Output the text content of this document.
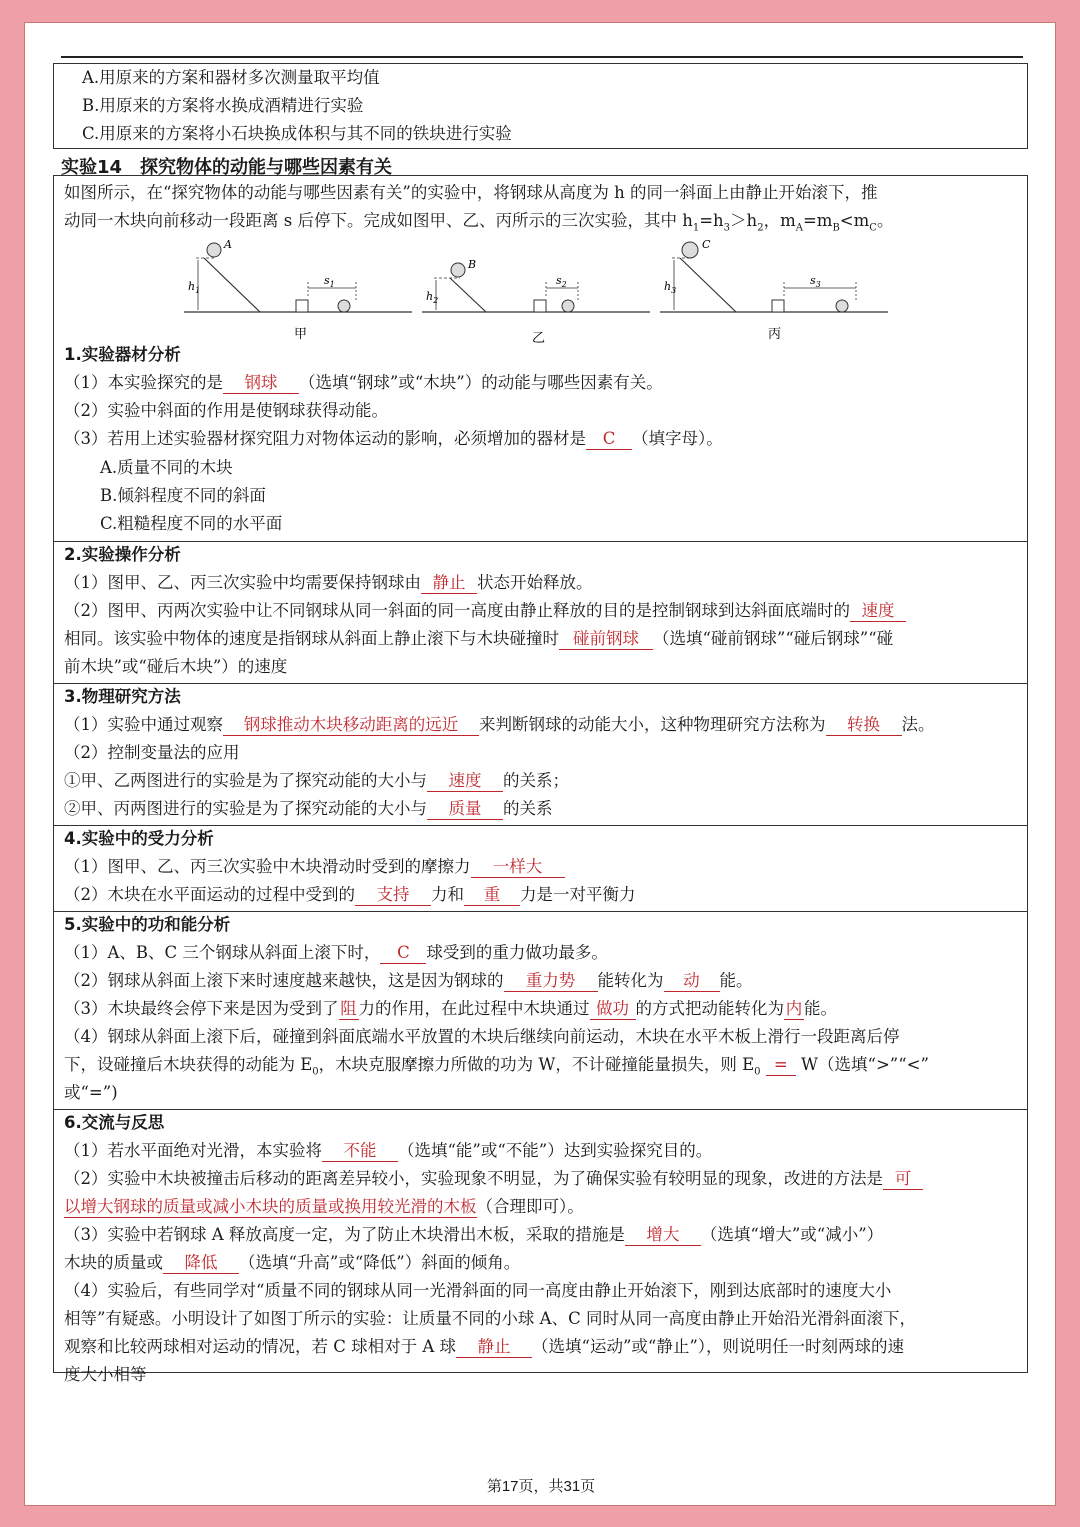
A.用原来的方案和器材多次测量取平均值
B.用原来的方案将水换成酒精进行实验
C.用原来的方案将小石块换成体积与其不同的铁块进行实验
实验14　探究物体的动能与哪些因素有关
如图所示，在“探究物体的动能与哪些因素有关”的实验中，将钢球从高度为 h 的同一斜面上由静止开始滚下，推
动同一木块向前移动一段距离 s 后停下。完成如图甲、乙、丙所示的三次实验，其中 $h_1=h_3>h_2$，$m_A=m_B<m_C$。
A
$h_1$
$s_1$
B
$h_2$
$s_2$
C
$h_3$
$s_3$
甲	乙	丙
1.实验器材分析
（1）本实验探究的是 钢球 （选填“钢球”或“木块”）的动能与哪些因素有关。
（2）实验中斜面的作用是使钢球获得动能。
（3）若用上述实验器材探究阻力对物体运动的影响，必须增加的器材是 C （填字母）。
A.质量不同的木块
B.倾斜程度不同的斜面
C.粗糙程度不同的水平面
2.实验操作分析
（1）图甲、乙、丙三次实验中均需要保持钢球由 静止 状态开始释放。
（2）图甲、丙两次实验中让不同钢球从同一斜面的同一高度由静止释放的目的是控制钢球到达斜面底端时的 速度
相同。该实验中物体的速度是指钢球从斜面上静止滚下与木块碰撞时 碰前钢球 （选填“碰前钢球”“碰后钢球”“碰
前木块”或“碰后木块”）的速度
3.物理研究方法
（1）实验中通过观察 钢球推动木块移动距离的远近 来判断钢球的动能大小，这种物理研究方法称为 转换 法。
（2）控制变量法的应用
①甲、乙两图进行的实验是为了探究动能的大小与 速度 的关系；
②甲、丙两图进行的实验是为了探究动能的大小与 质量 的关系
4.实验中的受力分析
（1）图甲、乙、丙三次实验中木块滑动时受到的摩擦力 一样大
（2）木块在水平面运动的过程中受到的 支持 力和 重 力是一对平衡力
5.实验中的功和能分析
（1）A、B、C 三个钢球从斜面上滚下时， C 球受到的重力做功最多。
（2）钢球从斜面上滚下来时速度越来越快，这是因为钢球的 重力势 能转化为 动 能。
（3）木块最终会停下来是因为受到了 阻 力的作用，在此过程中木块通过 做功 的方式把动能转化为 内 能。
（4）钢球从斜面上滚下后，碰撞到斜面底端水平放置的木块后继续向前运动，木块在水平木板上滑行一段距离后停
下，设碰撞后木块获得的动能为 $E_0$，木块克服摩擦力所做的功为 W，不计碰撞能量损失，则 $E_0 = W$（选填“>”“<”
或“=”)
6.交流与反思
（1）若水平面绝对光滑，本实验将 不能 （选填“能”或“不能”）达到实验探究目的。
（2）实验中木块被撞击后移动的距离差异较小，实验现象不明显，为了确保实验有较明显的现象，改进的方法是 可
以增大钢球的质量或减小木块的质量或换用较光滑的木板（合理即可）。
（3）实验中若钢球 A 释放高度一定，为了防止木块滑出木板，采取的措施是 增大 （选填“增大”或“减小”）
木块的质量或 降低 （选填“升高”或“降低”）斜面的倾角。
（4）实验后，有些同学对“质量不同的钢球从同一光滑斜面的同一高度由静止开始滚下，刚到达底部时的速度大小
相等”有疑惑。小明设计了如图丁所示的实验：让质量不同的小球 A、C 同时从同一高度由静止开始沿光滑斜面滚下，
观察和比较两球相对运动的情况，若 C 球相对于 A 球 静止 （选填“运动”或“静止”），则说明任一时刻两球的速
度大小相等
第17页，共31页
